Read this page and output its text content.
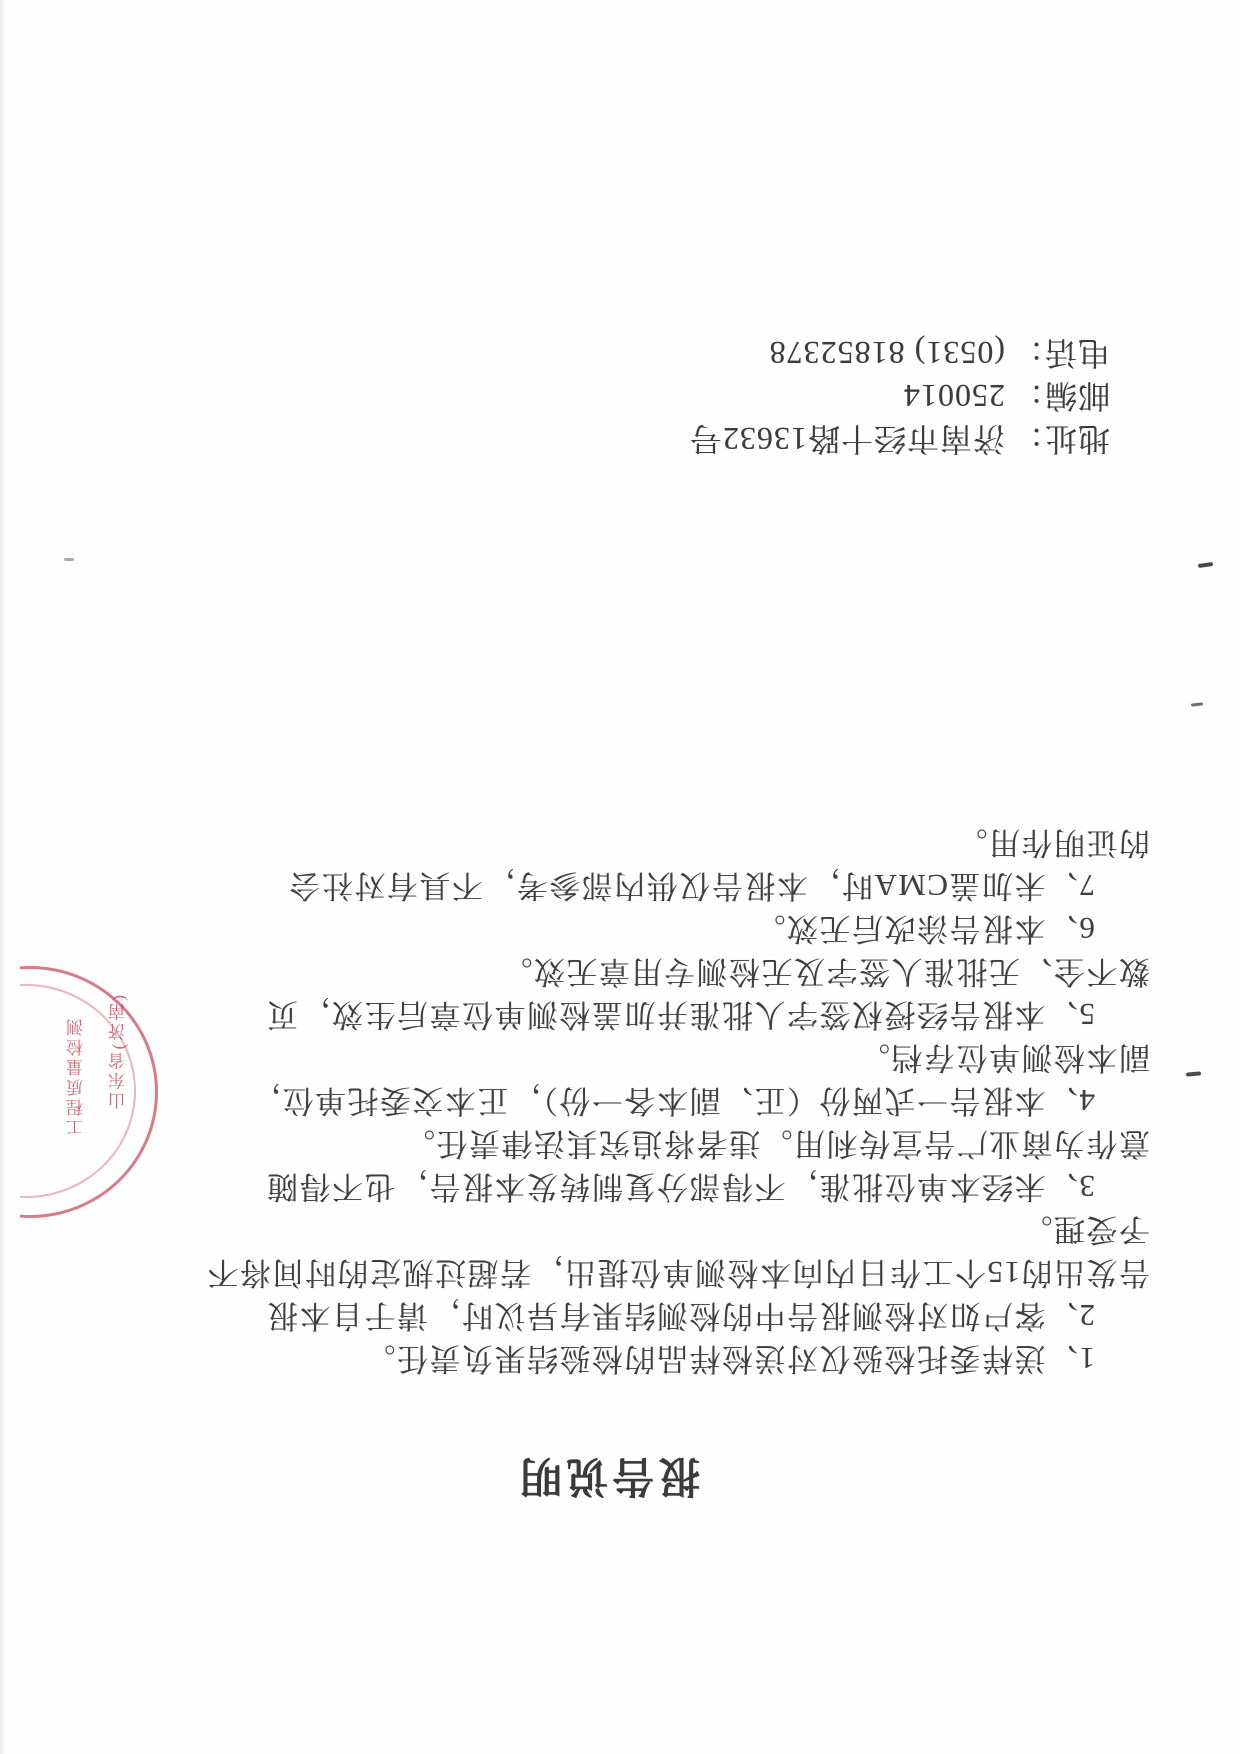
报告说明
1、送样委托检验仅对送检样品的检验结果负责任。
2、客户如对检测报告中的检测结果有异议时，请于自本报
告发出的15个工作日内向本检测单位提出，若超过规定的时间将不
予受理。
3、未经本单位批准，不得部分复制转发本报告，也不得随
意作为商业广告宣传利用。违者将追究其法律责任。
4、本报告一式两份（正、副本各一份），正本交委托单位，
副本检测单位存档。
5、本报告经授权签字人批准并加盖检测单位章后生效，页
数不全、无批准人签字及无检测专用章无效。
6、本报告涂改后无效。
7、未加盖CMA时，本报告仅供内部参考，不具有对社会
的证明作用。
地址：济南市经十路13632号
邮编：250014
电话：(0531) 81852378
山东省(济南)
工程质量检测
